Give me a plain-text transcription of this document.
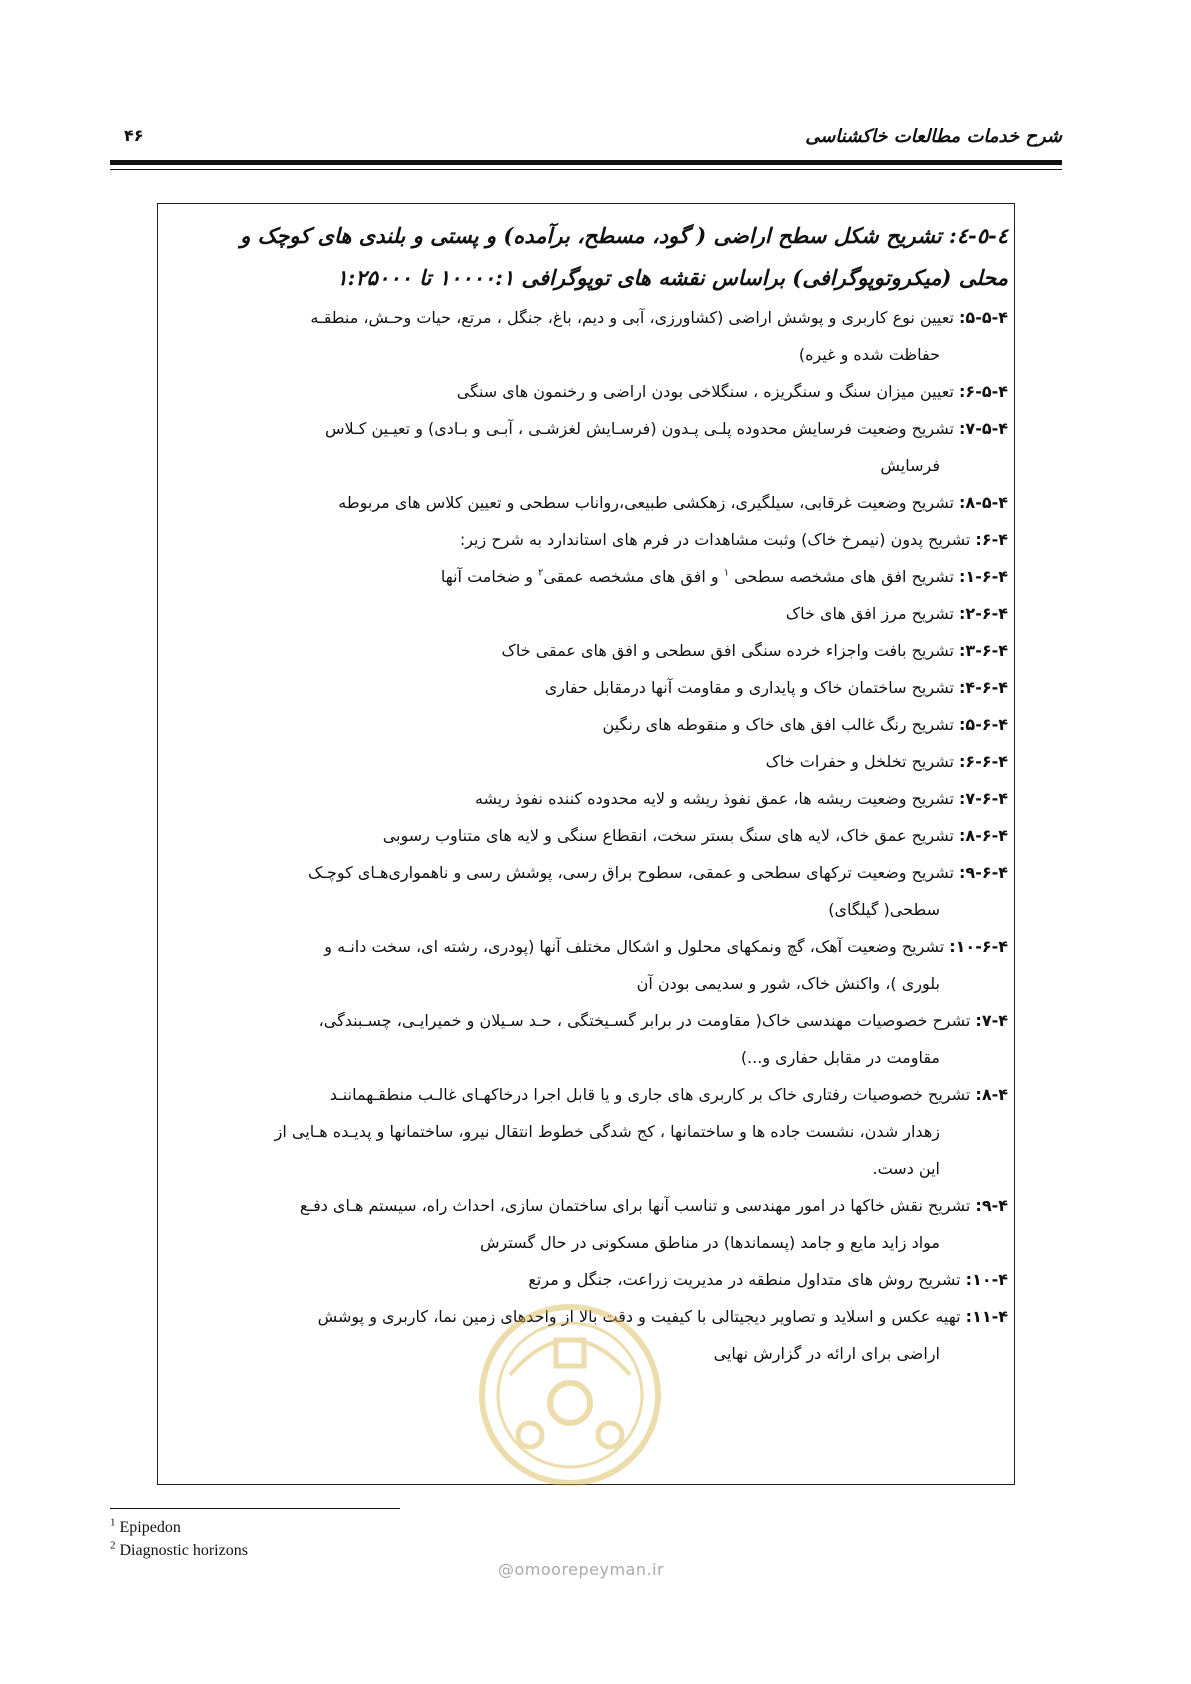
شرح خدمات مطالعات خاکشناسی
۴۶
٤-٥-٤: تشریح شکل سطح اراضی ( گود، مسطح، برآمده) و پستی و بلندی های کوچک و
محلی (میکروتوپوگرافی) براساس نقشه های توپوگرافی ۱۰۰۰۰:۱ تا ۱:۲۵۰۰۰
۵-۵-۴: تعیین نوع کاربری و پوشش اراضی (کشاورزی، آبی و دیم، باغ، جنگل ، مرتع، حیات وحـش، منطقـه
حفاظت شده و غیره)
۶-۵-۴: تعیین میزان سنگ و سنگریزه ، سنگلاخی بودن اراضی و رخنمون های سنگی
۷-۵-۴: تشریح وضعیت فرسایش محدوده پلـی پـدون (فرسـایش لغزشـی ، آبـی و بـادی) و تعیـین کـلاس
فرسایش
۸-۵-۴: تشریح وضعیت غرقابی، سیلگیری، زهکشی طبیعی،رواناب سطحی و تعیین کلاس های مربوطه
۶-۴: تشریح پدون (نیمرخ خاک) وثبت مشاهدات در فرم های استاندارد به شرح زیر:
۱-۶-۴: تشریح افق های مشخصه سطحی $^۱$ و افق های مشخصه عمقی$^۲$ و ضخامت آنها
۲-۶-۴: تشریح مرز افق های خاک
۳-۶-۴: تشریح بافت واجزاء خرده سنگی افق سطحی و افق های عمقی خاک
۴-۶-۴: تشریح ساختمان خاک و پایداری و مقاومت آنها درمقابل حفاری
۵-۶-۴: تشریح رنگ غالب افق های خاک و منقوطه های رنگین
۶-۶-۴: تشریح تخلخل و حفرات خاک
۷-۶-۴: تشریح وضعیت ریشه ها، عمق نفوذ ریشه و لایه محدوده کننده نفوذ ریشه
۸-۶-۴: تشریح عمق خاک، لایه های سنگ بستر سخت، انقطاع سنگی و لایه های متناوب رسوبی
۹-۶-۴: تشریح وضعیت ترکهای سطحی و عمقی، سطوح براق رسی، پوشش رسی و ناهمواری‌هـای کوچـک
سطحی( گیلگای)
۱۰-۶-۴: تشریح وضعیت آهک، گچ ونمکهای محلول و اشکال مختلف آنها (پودری، رشته ای، سخت دانـه و
بلوری )، واکنش خاک، شور و سدیمی بودن آن
۷-۴: تشرح خصوصیات مهندسی خاک( مقاومت در برابر گسـیختگی ، حـد سـیلان و خمیرایـی، چسـبندگی،
مقاومت در مقابل حفاری و...)
۸-۴: تشریح خصوصیات رفتاری خاک بر کاربری های جاری و یا قابل اجرا درخاکهـای غالـب منطقـهماننـد
زهدار شدن، نشست جاده ها و ساختمانها ، کج شدگی خطوط انتقال نیرو، ساختمانها و پدیـده هـایی از
این دست.
۹-۴: تشریح نقش خاکها در امور مهندسی و تناسب آنها برای ساختمان سازی، احداث راه، سیستم هـای دفـع
مواد زاید مایع و جامد (پسماندها) در مناطق مسکونی در حال گسترش
۱۰-۴: تشریح روش های متداول منطقه در مدیریت زراعت، جنگل و مرتع
۱۱-۴: تهیه عکس و اسلاید و تصاویر دیجیتالی با کیفیت و دقت بالا از واحدهای زمین نما، کاربری و پوشش
اراضی برای ارائه در گزارش نهایی
@omoorepeyman.ir
$^1$ Epipedon
$^2$ Diagnostic horizons
